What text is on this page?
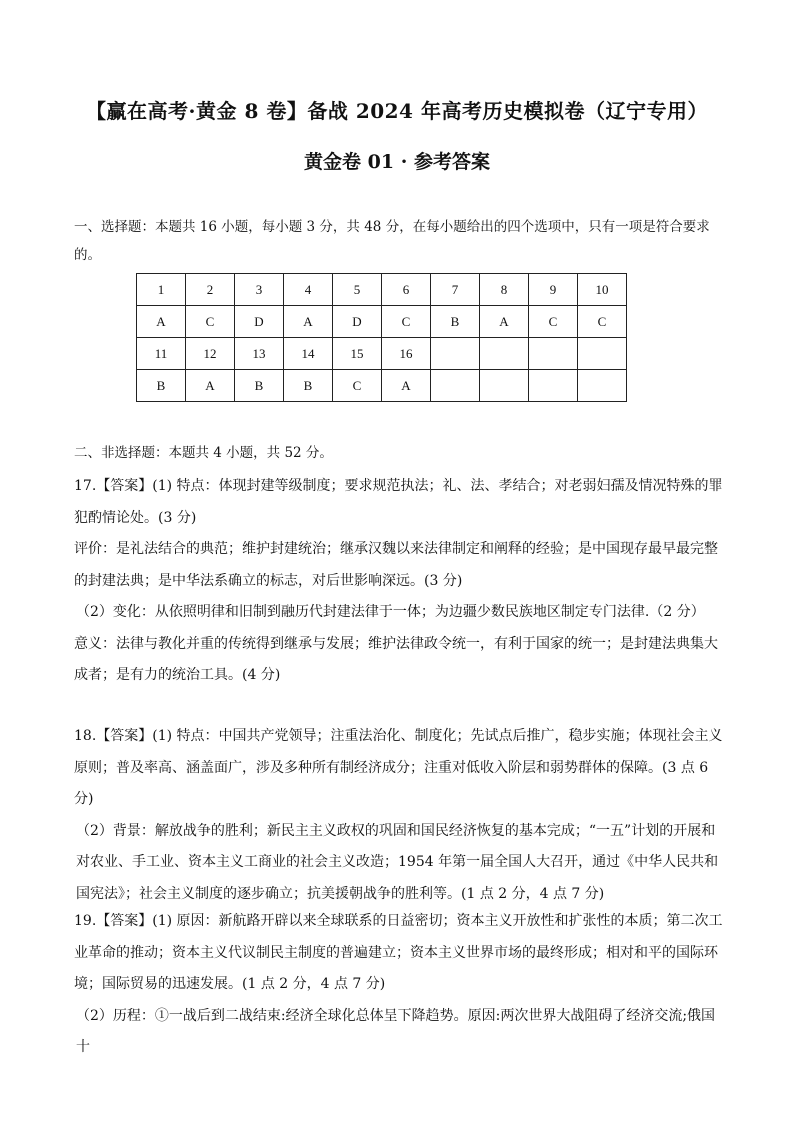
【赢在高考·黄金 8 卷】备战 2024 年高考历史模拟卷（辽宁专用）
黄金卷 01 · 参考答案
一、选择题：本题共 16 小题，每小题 3 分，共 48 分，在每小题给出的四个选项中，只有一项是符合要求的。
1	2	3	4	5	6	7	8	9	10
A	C	D	A	D	C	B	A	C	C
11	12	13	14	15	16				
B	A	B	B	C	A				
二、非选择题：本题共 4 小题，共 52 分。

17.【答案】(1) 特点：体现封建等级制度；要求规范执法；礼、法、孝结合；对老弱妇孺及情况特殊的罪犯酌情论处。(3 分)

评价：是礼法结合的典范；维护封建统治；继承汉魏以来法律制定和阐释的经验；是中国现存最早最完整的封建法典；是中华法系确立的标志，对后世影响深远。(3 分)

（2）变化：从依照明律和旧制到融历代封建法律于一体；为边疆少数民族地区制定专门法律.（2 分）

意义：法律与教化并重的传统得到继承与发展；维护法律政令统一，有利于国家的统一；是封建法典集大成者；是有力的统治工具。(4 分)

18.【答案】(1) 特点：中国共产党领导；注重法治化、制度化；先试点后推广，稳步实施；体现社会主义原则；普及率高、涵盖面广，涉及多种所有制经济成分；注重对低收入阶层和弱势群体的保障。(3 点 6 分)

（2）背景：解放战争的胜利；新民主主义政权的巩固和国民经济恢复的基本完成；“一五”计划的开展和对农业、手工业、资本主义工商业的社会主义改造；1954 年第一届全国人大召开，通过《中华人民共和国宪法》；社会主义制度的逐步确立；抗美援朝战争的胜利等。(1 点 2 分，4 点 7 分)

19.【答案】(1) 原因：新航路开辟以来全球联系的日益密切；资本主义开放性和扩张性的本质；第二次工业革命的推动；资本主义代议制民主制度的普遍建立；资本主义世界市场的最终形成；相对和平的国际环境；国际贸易的迅速发展。(1 点 2 分，4 点 7 分)

（2）历程：①一战后到二战结束:经济全球化总体呈下降趋势。原因:两次世界大战阻碍了经济交流;俄国十
